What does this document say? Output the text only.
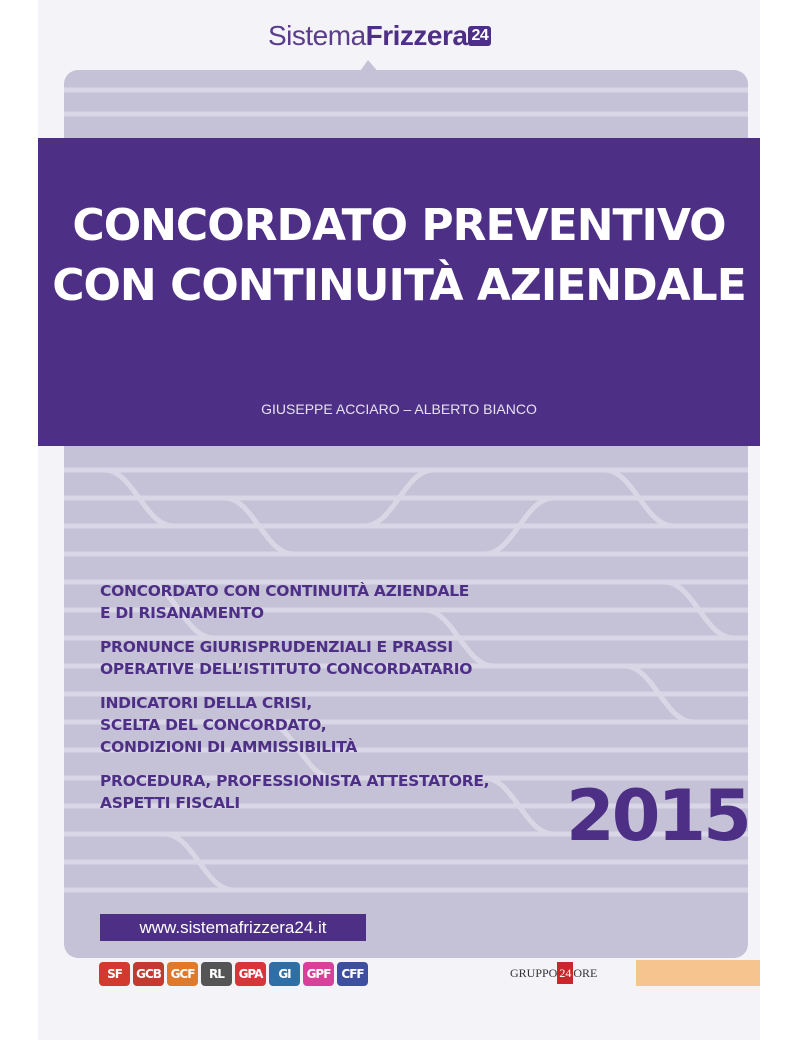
SistemaFrizzera 24
CONCORDATO PREVENTIVO
CON CONTINUITÀ AZIENDALE
GIUSEPPE ACCIARO – ALBERTO BIANCO
CONCORDATO CON CONTINUITÀ AZIENDALE
E DI RISANAMENTO
PRONUNCE GIURISPRUDENZIALI E PRASSI
OPERATIVE DELL’ISTITUTO CONCORDATARIO
INDICATORI DELLA CRISI,
SCELTA DEL CONCORDATO,
CONDIZIONI DI AMMISSIBILITÀ
PROCEDURA, PROFESSIONISTA ATTESTATORE,
ASPETTI FISCALI	2015
www.sistemafrizzera24.it
SF	GCB GCF	RL	GPA	GI	GPF CFF	GRUPPO 24 ORE
